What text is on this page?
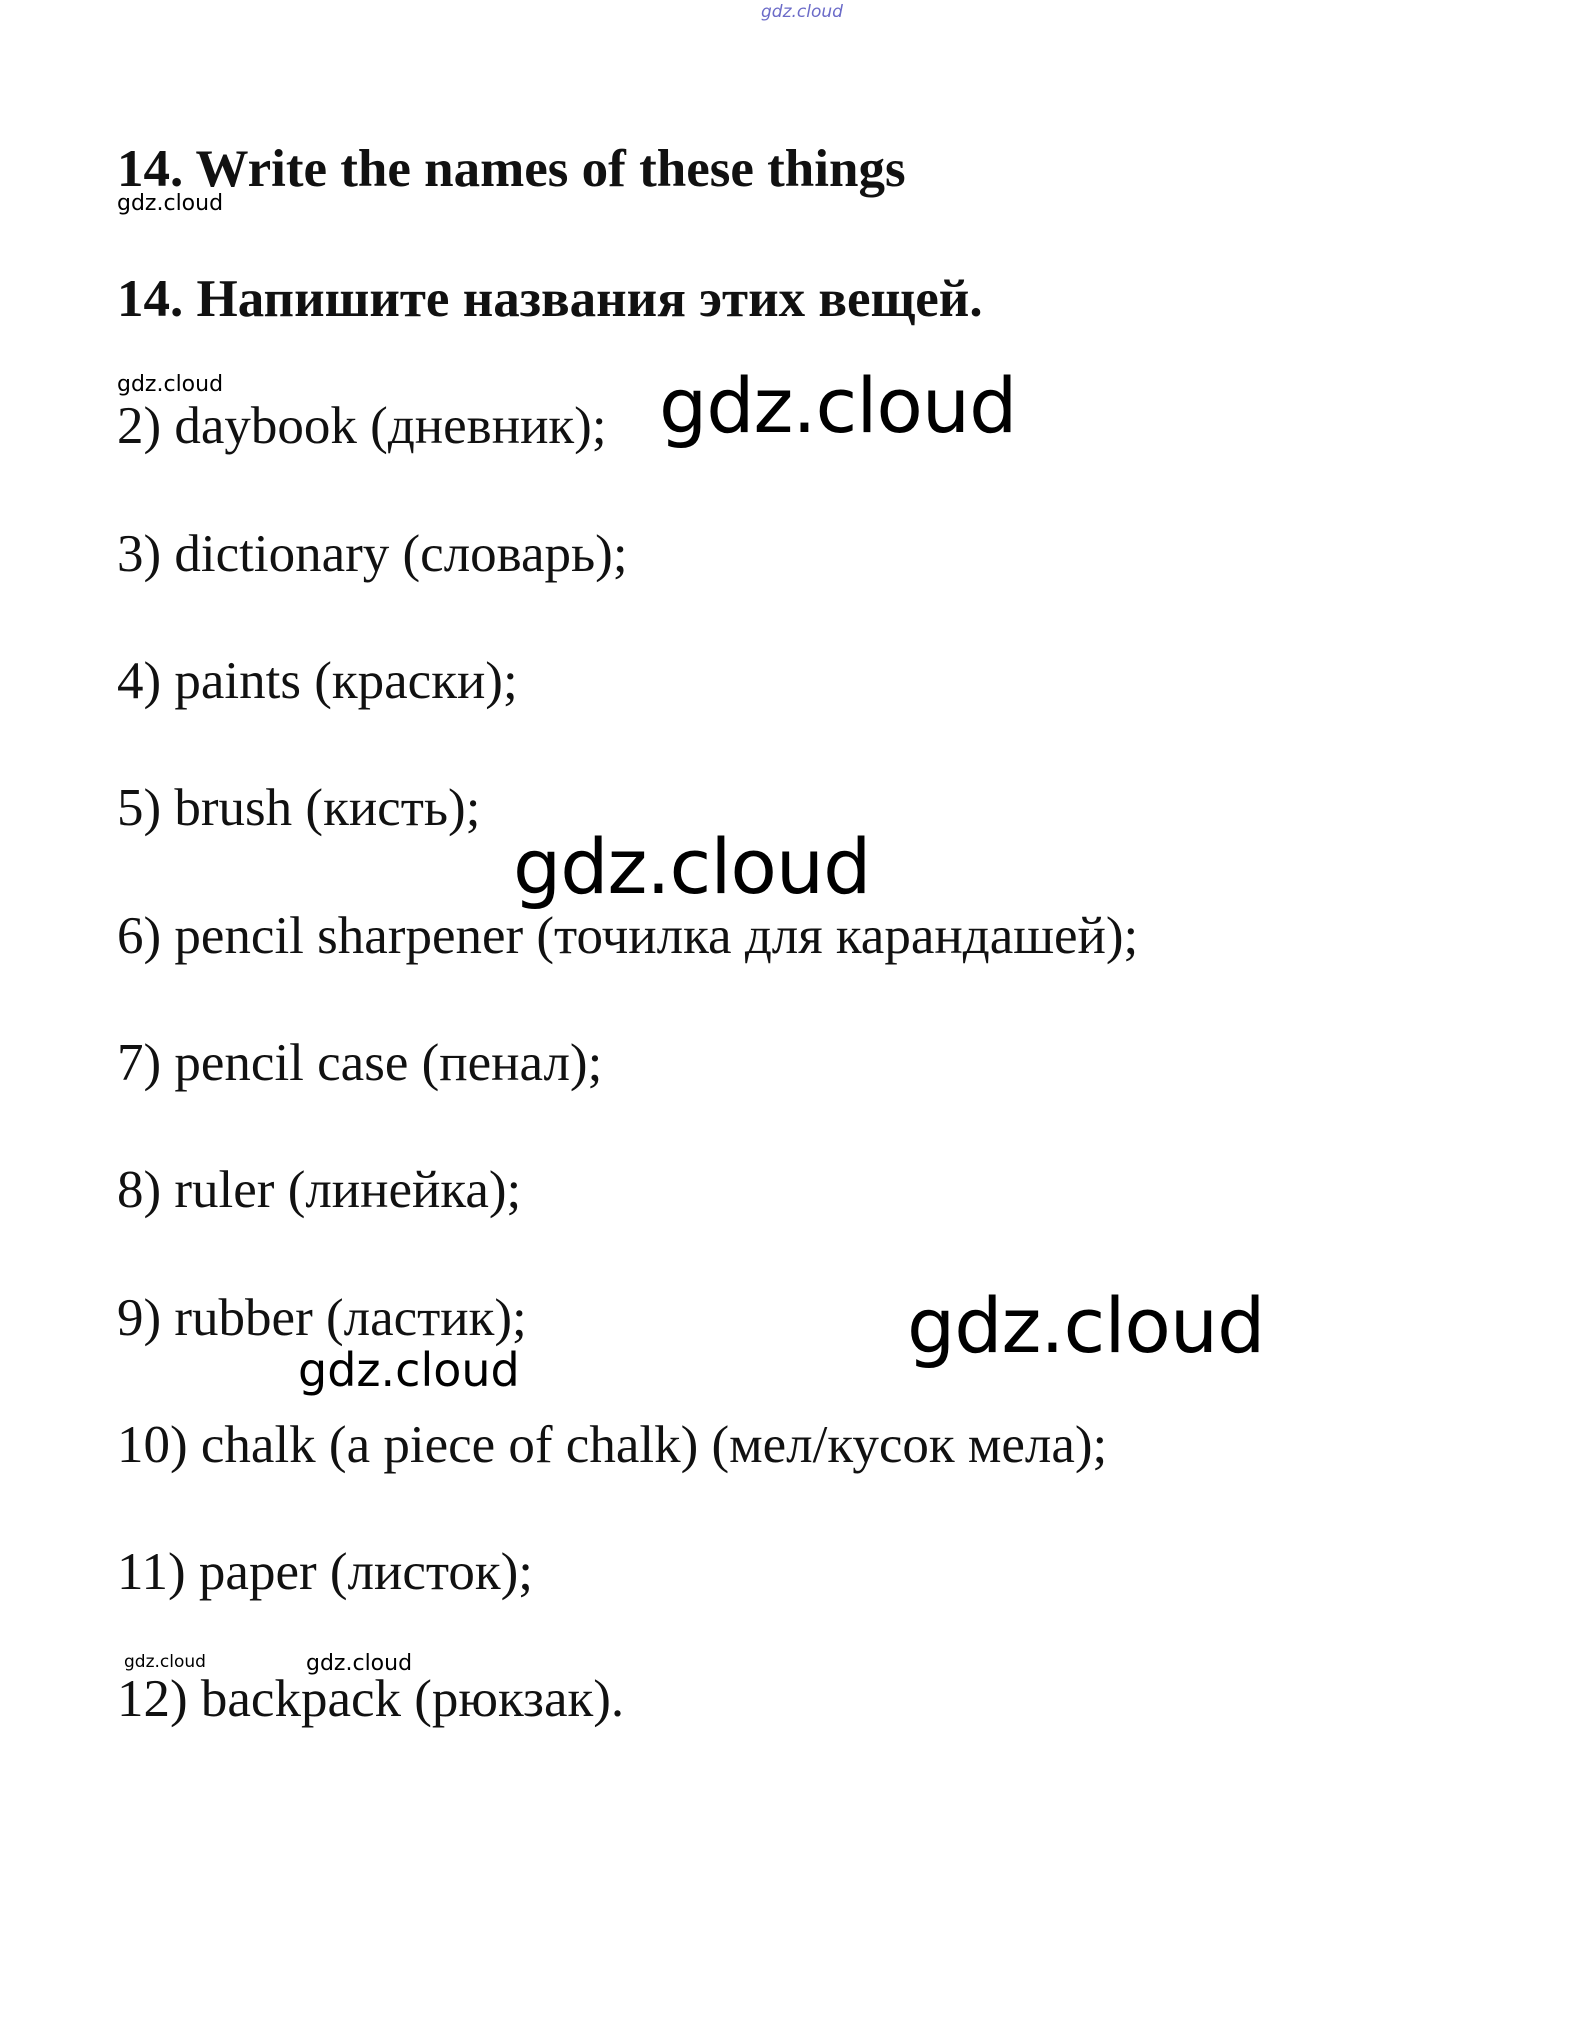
gdz.cloud
14. Write the names of these things
gdz.cloud
14. Напишите названия этих вещей.
gdz.cloud
2) daybook (дневник); gdz.cloud
3) dictionary (словарь);
4) paints (краски);
5) brush (кисть);
gdz.cloud
6) pencil sharpener (точилка для карандашей);
7) pencil case (пенал);
8) ruler (линейка);
9) rubber (ластик);	gdz.cloud
gdz.cloud
10) chalk (a piece of chalk) (мел/кусок мела);
11) paper (листок);
gdz.cloud	gdz.cloud
12) backpack (рюкзак).
